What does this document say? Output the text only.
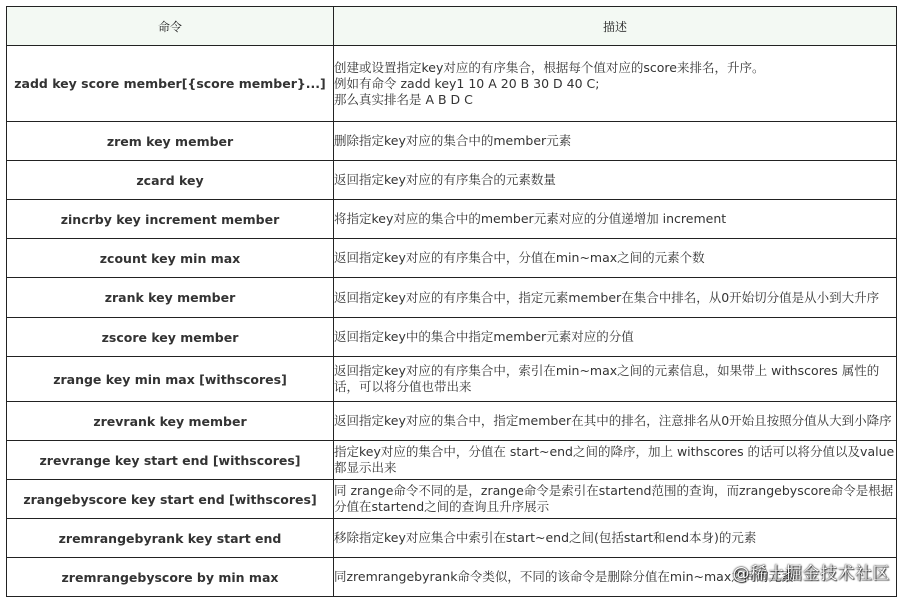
命令	描述
zadd key score member[{score member}...]	创建或设置指定key对应的有序集合，根据每个值对应的score来排名，升序。
例如有命令 zadd key1 10 A 20 B 30 D 40 C;
那么真实排名是 A B D C

zrem key member	删除指定key对应的集合中的member元素

zcard key	返回指定key对应的有序集合的元素数量

zincrby key increment member	将指定key对应的集合中的member元素对应的分值递增加 increment

zcount key min max	返回指定key对应的有序集合中，分值在min~max之间的元素个数

zrank key member	返回指定key对应的有序集合中，指定元素member在集合中排名，从0开始切分值是从小到大升序

zscore key member	返回指定key中的集合中指定member元素对应的分值

zrange key min max [withscores]	返回指定key对应的有序集合中，索引在min~max之间的元素信息，如果带上 withscores 属性的话，可以将分值也带出来

zrevrank key member	返回指定key对应的集合中，指定member在其中的排名，注意排名从0开始且按照分值从大到小降序

zrevrange key start end [withscores]	指定key对应的集合中，分值在 start~end之间的降序，加上 withscores 的话可以将分值以及value都显示出来

zrangebyscore key start end [withscores]	同 zrange命令不同的是，zrange命令是索引在startend范围的查询，而zrangebyscore命令是根据分值在startend之间的查询且升序展示

zremrangebyrank key start end	移除指定key对应集合中索引在start~end之间(包括start和end本身)的元素

zremrangebyscore by min max	同zremrangebyrank命令类似，不同的该命令是删除分值在min~max之间的元素
@稀土掘金技术社区
